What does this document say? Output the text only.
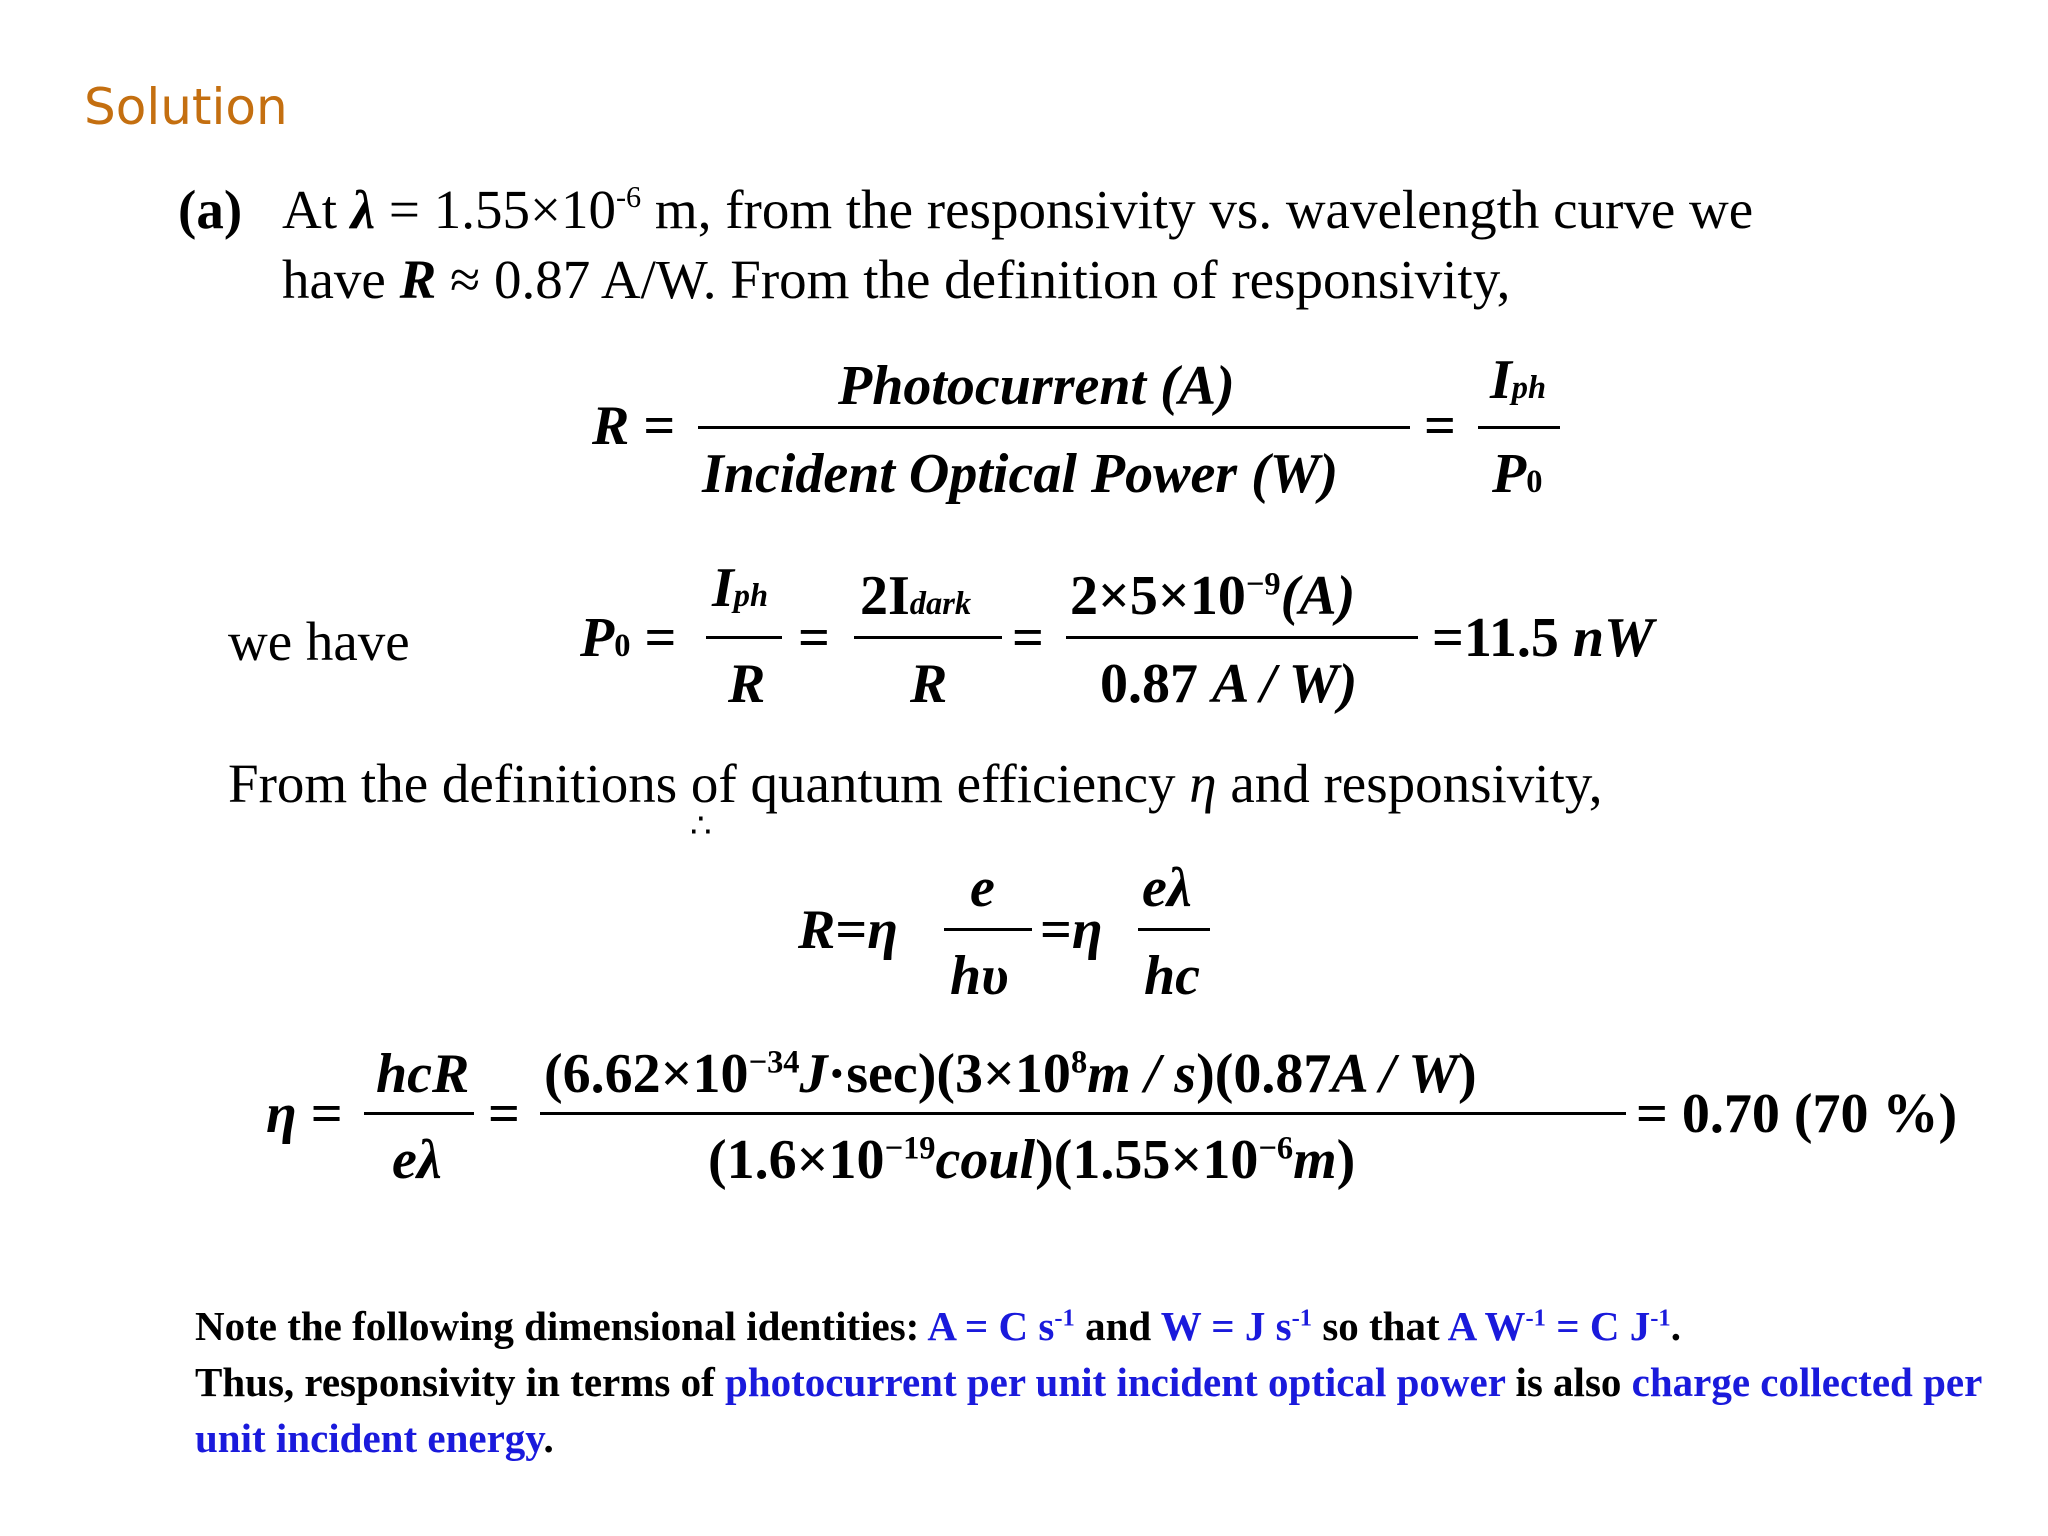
Solution
(a) At $\lambda = 1.55\times 10^{-6}$ m, from the responsivity vs. wavelength curve we
have R ≈ 0.87 A/W. From the definition of responsivity,
R =
Photocurrent (A)
Incident Optical Power (W)
=
Iph
P0
we have	P0 =
Iph
R
=
2Idark
R
=
$2\times 5\times 10^{-9}(A)$
0.87 A / W)
=11.5 nW
From the definitions of quantum efficiency η and responsivity,
∴
R=η
e
hυ
=η
eλ
hc
η =
hcR
eλ
=
$(6.62\times 10^{-34}J\cdot\sec)(3\times 10^8m / s)(0.87A / W)$
$(1.6\times 10^{-19}coul)(1.55\times 10^{-6}m)$
= 0.70 (70 %)
Note the following dimensional identities: A = C $s^{-1}$ and W = J $s^{-1}$ so that A $W^{-1} = C$ $J^{-1}$.
Thus, responsivity in terms of photocurrent per unit incident optical power is also charge collected per unit incident energy.
